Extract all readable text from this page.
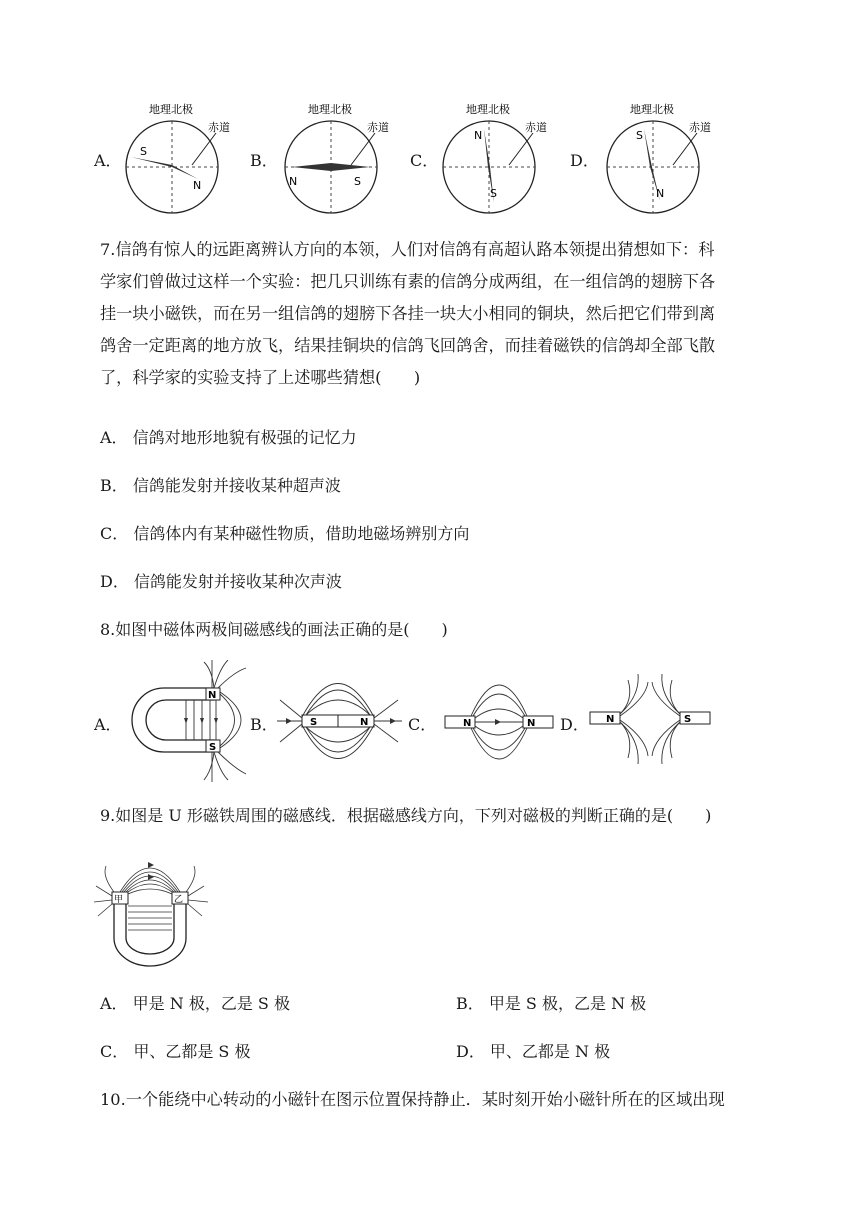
A．
地理北极
赤道
S
N
B．
地理北极
赤道
N	S
C．
地理北极
赤道
N
S
D．
地理北极
赤道
S
N
7.信鸽有惊人的远距离辨认方向的本领，人们对信鸽有高超认路本领提出猜想如下：科
学家们曾做过这样一个实验：把几只训练有素的信鸽分成两组，在一组信鸽的翅膀下各
挂一块小磁铁，而在另一组信鸽的翅膀下各挂一块大小相同的铜块，然后把它们带到离
鸽舍一定距离的地方放飞，结果挂铜块的信鸽飞回鸽舍，而挂着磁铁的信鸽却全部飞散
了，科学家的实验支持了上述哪些猜想(　　)
A． 信鸽对地形地貌有极强的记忆力
B． 信鸽能发射并接收某种超声波
C． 信鸽体内有某种磁性物质，借助地磁场辨别方向
D． 信鸽能发射并接收某种次声波
8.如图中磁体两极间磁感线的画法正确的是(　　)
A．
N
S
B．	S	N C．	N	N D． N	S
9.如图是 U 形磁铁周围的磁感线．根据磁感线方向，下列对磁极的判断正确的是(　　)
甲	乙
A． 甲是 N 极，乙是 S 极	B． 甲是 S 极，乙是 N 极
C． 甲、乙都是 S 极	D． 甲、乙都是 N 极
10.一个能绕中心转动的小磁针在图示位置保持静止．某时刻开始小磁针所在的区域出现
